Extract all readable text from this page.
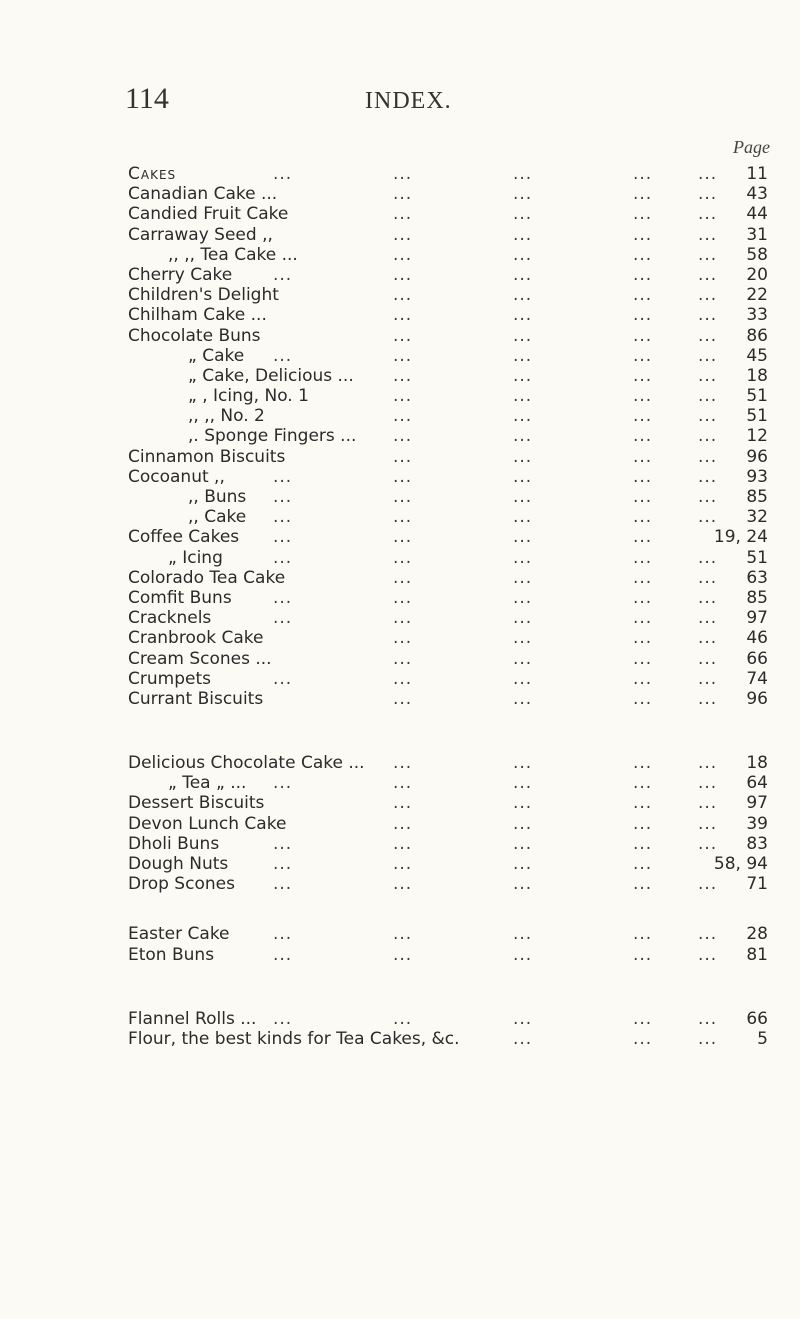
114	INDEX.
Page
Cakes	11
...	...	...	...	...
Canadian Cake ...	43
...	...	...	...
Candied Fruit Cake	44
...	...	...	...
Carraway Seed ,,	31
...	...	...	...
,, ,, Tea Cake ...	58
...	...	...	...
Cherry Cake	20
...	...	...	...	...
Children's Delight	22
...	...	...	...
Chilham Cake ...	33
...	...	...	...
Chocolate Buns	86
...	...	...	...
„ Cake	45
...	...	...	...	...
„ Cake, Delicious ...	18
...	...	...	...
„ , Icing, No. 1	51
...	...	...	...
,, ,, No. 2	51
...	...	...	...
,. Sponge Fingers ...	12
...	...	...	...
Cinnamon Biscuits	96
...	...	...	...
Cocoanut ,,	93
...	...	...	...	...
,, Buns	85
...	...	...	...	...
,, Cake	32
...	...	...	...	...
Coffee Cakes	19, 24
...	...	...	...
„ Icing	51
...	...	...	...	...
Colorado Tea Cake	63
...	...	...	...
Comfit Buns	85
...	...	...	...	...
Cracknels	97
...	...	...	...	...
Cranbrook Cake	46
...	...	...	...
Cream Scones ...	66
...	...	...	...
Crumpets	74
...	...	...	...	...
Currant Biscuits	96
...	...	...	...
Delicious Chocolate Cake ...	18
...	...	...	...
„ Tea „ ...	64
...	...	...	...	...
Dessert Biscuits	97
...	...	...	...
Devon Lunch Cake	39
...	...	...	...
Dholi Buns	83
...	...	...	...	...
Dough Nuts	58, 94
...	...	...	...
Drop Scones	71
...	...	...	...	...
Easter Cake	28
...	...	...	...	...
Eton Buns	81
...	...	...	...	...
Flannel Rolls ...	66
...	...	...	...	...
Flour, the best kinds for Tea Cakes, &c.	5
...	...	...
